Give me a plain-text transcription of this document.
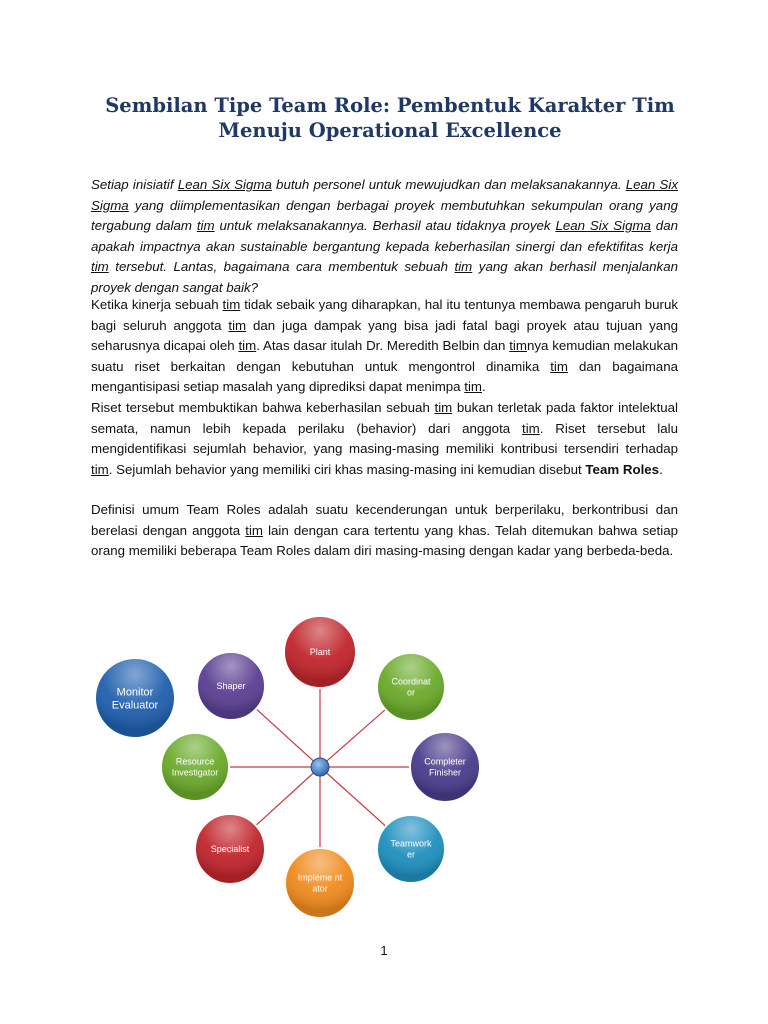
Sembilan Tipe Team Role: Pembentuk Karakter Tim
Menuju Operational Excellence
Setiap inisiatif Lean Six Sigma butuh personel untuk mewujudkan dan melaksanakannya. Lean Six Sigma yang diimplementasikan dengan berbagai proyek membutuhkan sekumpulan orang yang tergabung dalam tim untuk melaksanakannya. Berhasil atau tidaknya proyek Lean Six Sigma dan apakah impactnya akan sustainable bergantung kepada keberhasilan sinergi dan efektifitas kerja tim tersebut. Lantas, bagaimana cara membentuk sebuah tim yang akan berhasil menjalankan proyek dengan sangat baik?
Ketika kinerja sebuah tim tidak sebaik yang diharapkan, hal itu tentunya membawa pengaruh buruk bagi seluruh anggota tim dan juga dampak yang bisa jadi fatal bagi proyek atau tujuan yang seharusnya dicapai oleh tim. Atas dasar itulah Dr. Meredith Belbin dan timnya kemudian melakukan suatu riset berkaitan dengan kebutuhan untuk mengontrol dinamika tim dan bagaimana mengantisipasi setiap masalah yang diprediksi dapat menimpa tim.
Riset tersebut membuktikan bahwa keberhasilan sebuah tim bukan terletak pada faktor intelektual semata, namun lebih kepada perilaku (behavior) dari anggota tim. Riset tersebut lalu mengidentifikasi sejumlah behavior, yang masing-masing memiliki kontribusi tersendiri terhadap tim. Sejumlah behavior yang memiliki ciri khas masing-masing ini kemudian disebut Team Roles.
Definisi umum Team Roles adalah suatu kecenderungan untuk berperilaku, berkontribusi dan berelasi dengan anggota tim lain dengan cara tertentu yang khas. Telah ditemukan bahwa setiap orang memiliki beberapa Team Roles dalam diri masing-masing dengan kadar yang berbeda-beda.
Plant
Coordinat
or
Completer
Finisher
Teamwork
er
Impleme nt
ator
Specialist
Resource
Investigator
Shaper
Monitor
Evaluator
1
